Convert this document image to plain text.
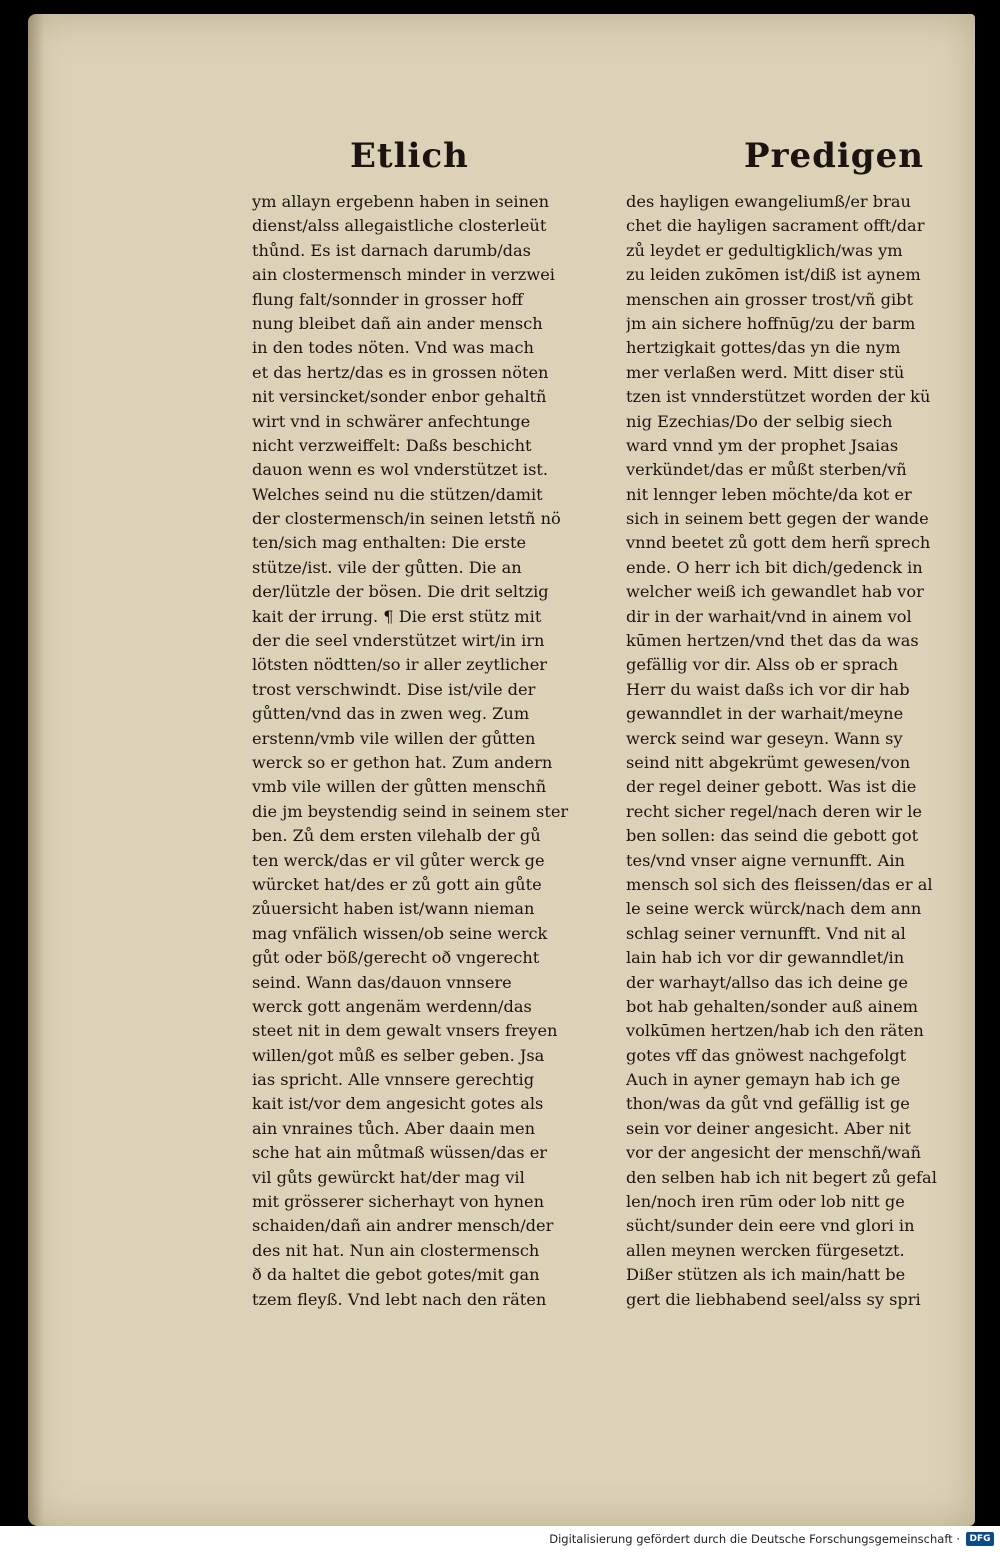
Etlich	Predigen
ym allayn ergebenn haben in seinen
dienst/alss allegaistliche closterleüt
thůnd. Es ist darnach darumb/das
ain clostermensch minder in verzwei
flung falt/sonnder in grosser hoff
nung bleibet dañ ain ander mensch
in den todes nöten. Vnd was mach
et das hertz/das es in grossen nöten
nit versincket/sonder enbor gehaltñ
wirt vnd in schwärer anfechtunge
nicht verzweiffelt: Daßs beschicht
dauon wenn es wol vnderstützet ist.
Welches seind nu die stützen/damit
der clostermensch/in seinen letstñ nö
ten/sich mag enthalten: Die erste
stütze/ist. vile der gůtten. Die an
der/lützle der bösen. Die drit seltzig
kait der irrung. ¶ Die erst stütz mit
der die seel vnderstützet wirt/in irn
lötsten nödtten/so ir aller zeytlicher
trost verschwindt. Dise ist/vile der
gůtten/vnd das in zwen weg. Zum
erstenn/vmb vile willen der gůtten
werck so er gethon hat. Zum andern
vmb vile willen der gůtten menschñ
die jm beystendig seind in seinem ster
ben. Zů dem ersten vilehalb der gů
ten werck/das er vil gůter werck ge
würcket hat/des er zů gott ain gůte
zůuersicht haben ist/wann nieman
mag vnfälich wissen/ob seine werck
gůt oder böß/gerecht oð vngerecht
seind. Wann das/dauon vnnsere
werck gott angenäm werdenn/das
steet nit in dem gewalt vnsers freyen
willen/got můß es selber geben. Jsa
ias spricht. Alle vnnsere gerechtig
kait ist/vor dem angesicht gotes als
ain vnraines tůch. Aber daain men
sche hat ain můtmaß wüssen/das er
vil gůts gewürckt hat/der mag vil
mit grösserer sicherhayt von hynen
schaiden/dañ ain andrer mensch/der
des nit hat. Nun ain clostermensch
ð da haltet die gebot gotes/mit gan
tzem fleyß. Vnd lebt nach den räten
des hayligen ewangeliumß/er brau
chet die hayligen sacrament offt/dar
zů leydet er gedultigklich/was ym
zu leiden zukōmen ist/diß ist aynem
menschen ain grosser trost/vñ gibt
jm ain sichere hoffnūg/zu der barm
hertzigkait gottes/das yn die nym
mer verlaßen werd. Mitt diser stü
tzen ist vnnderstützet worden der kü
nig Ezechias/Do der selbig siech
ward vnnd ym der prophet Jsaias
verkündet/das er můßt sterben/vñ
nit lennger leben möchte/da kot er
sich in seinem bett gegen der wande
vnnd beetet zů gott dem herñ sprech
ende. O herr ich bit dich/gedenck in
welcher weiß ich gewandlet hab vor
dir in der warhait/vnd in ainem vol
kūmen hertzen/vnd thet das da was
gefällig vor dir. Alss ob er sprach
Herr du waist daßs ich vor dir hab
gewanndlet in der warhait/meyne
werck seind war geseyn. Wann sy
seind nitt abgekrümt gewesen/von
der regel deiner gebott. Was ist die
recht sicher regel/nach deren wir le
ben sollen: das seind die gebott got
tes/vnd vnser aigne vernunfft. Ain
mensch sol sich des fleissen/das er al
le seine werck würck/nach dem ann
schlag seiner vernunfft. Vnd nit al
lain hab ich vor dir gewanndlet/in
der warhayt/allso das ich deine ge
bot hab gehalten/sonder auß ainem
volkūmen hertzen/hab ich den räten
gotes vff das gnöwest nachgefolgt
Auch in ayner gemayn hab ich ge
thon/was da gůt vnd gefällig ist ge
sein vor deiner angesicht. Aber nit
vor der angesicht der menschñ/wañ
den selben hab ich nit begert zů gefal
len/noch iren rūm oder lob nitt ge
sücht/sunder dein eere vnd glori in
allen meynen wercken fürgesetzt.
Dißer stützen als ich main/hatt be
gert die liebhabend seel/alss sy spri
Digitalisierung gefördert durch die Deutsche Forschungsgemeinschaft ·	DFG
